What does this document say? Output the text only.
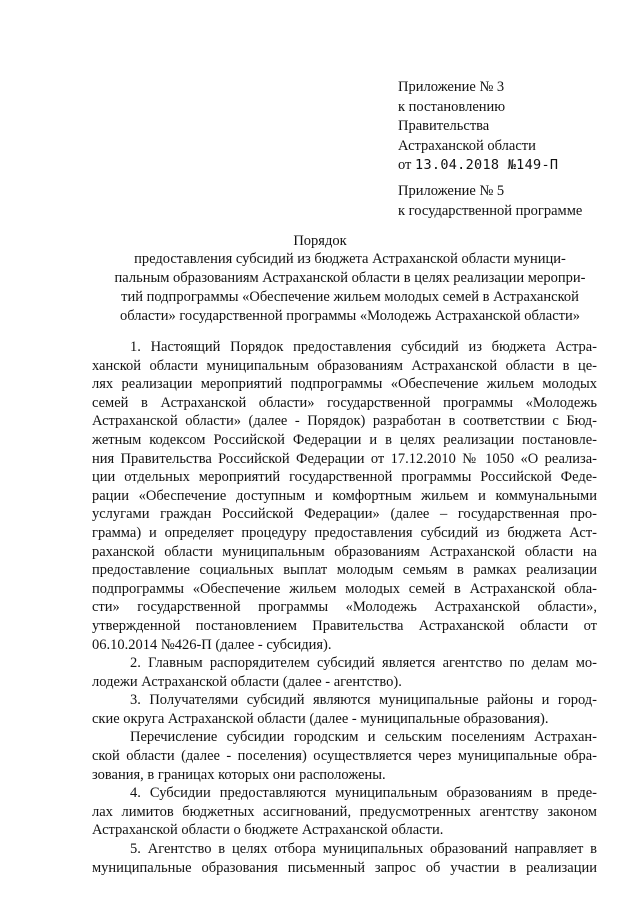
Приложение № 3
к постановлению
Правительства
Астраханской области
от 13.04.2018 №149-П
Приложение № 5
к государственной программе
Порядок
предоставления субсидий из бюджета Астраханской области муници-
пальным образованиям Астраханской области в целях реализации меропри-
тий подпрограммы «Обеспечение жильем молодых семей в Астраханской
области» государственной программы «Молодежь Астраханской области»
1. Настоящий Порядок предоставления субсидий из бюджета Астра-
ханской области муниципальным образованиям Астраханской области в це-
лях реализации мероприятий подпрограммы «Обеспечение жильем молодых
семей в Астраханской области» государственной программы «Молодежь
Астраханской области» (далее - Порядок) разработан в соответствии с Бюд-
жетным кодексом Российской Федерации и в целях реализации постановле-
ния Правительства Российской Федерации от 17.12.2010 № 1050 «О реализа-
ции отдельных мероприятий государственной программы Российской Феде-
рации «Обеспечение доступным и комфортным жильем и коммунальными
услугами граждан Российской Федерации» (далее – государственная про-
грамма) и определяет процедуру предоставления субсидий из бюджета Аст-
раханской области муниципальным образованиям Астраханской области на
предоставление социальных выплат молодым семьям в рамках реализации
подпрограммы «Обеспечение жильем молодых семей в Астраханской обла-
сти» государственной программы «Молодежь Астраханской области»,
утвержденной постановлением Правительства Астраханской области от
06.10.2014 №426-П (далее - субсидия).
2. Главным распорядителем субсидий является агентство по делам мо-
лодежи Астраханской области (далее - агентство).
3. Получателями субсидий являются муниципальные районы и город-
ские округа Астраханской области (далее - муниципальные образования).
Перечисление субсидии городским и сельским поселениям Астрахан-
ской области (далее - поселения) осуществляется через муниципальные обра-
зования, в границах которых они расположены.
4. Субсидии предоставляются муниципальным образованиям в преде-
лах лимитов бюджетных ассигнований, предусмотренных агентству законом
Астраханской области о бюджете Астраханской области.
5. Агентство в целях отбора муниципальных образований направляет в
муниципальные образования письменный запрос об участии в реализации
